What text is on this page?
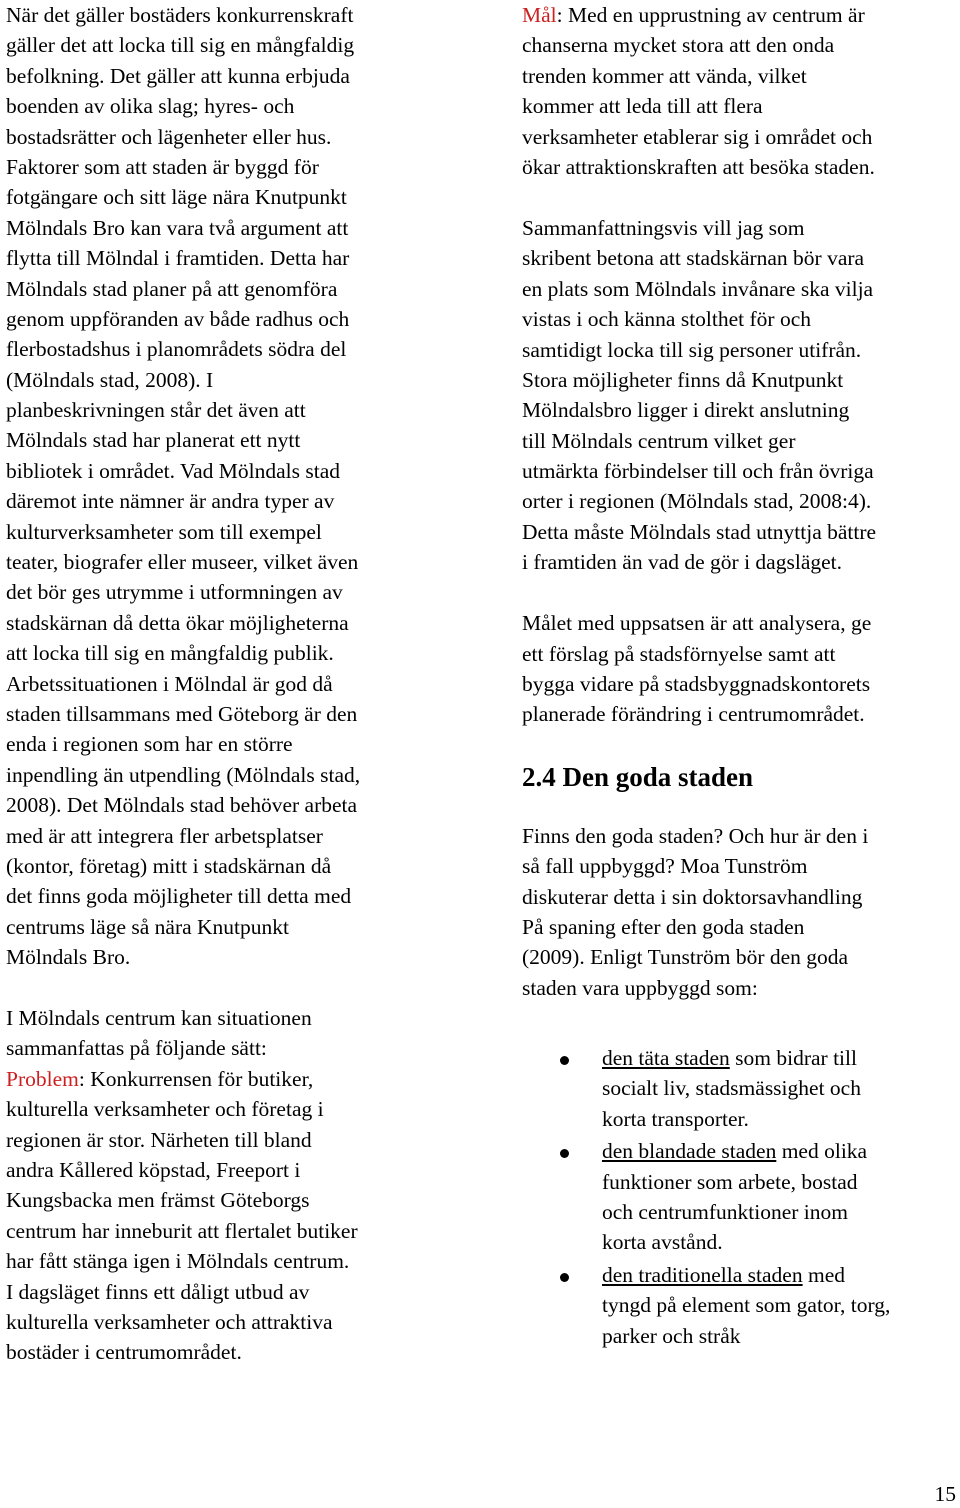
När det gäller bostäders konkurrenskraft
gäller det att locka till sig en mångfaldig
befolkning. Det gäller att kunna erbjuda
boenden av olika slag; hyres- och
bostadsrätter och lägenheter eller hus.
Faktorer som att staden är byggd för
fotgängare och sitt läge nära Knutpunkt
Mölndals Bro kan vara två argument att
flytta till Mölndal i framtiden. Detta har
Mölndals stad planer på att genomföra
genom uppföranden av både radhus och
flerbostadshus i planområdets södra del
(Mölndals stad, 2008). I
planbeskrivningen står det även att
Mölndals stad har planerat ett nytt
bibliotek i området. Vad Mölndals stad
däremot inte nämner är andra typer av
kulturverksamheter som till exempel
teater, biografer eller museer, vilket även
det bör ges utrymme i utformningen av
stadskärnan då detta ökar möjligheterna
att locka till sig en mångfaldig publik.
Arbetssituationen i Mölndal är god då
staden tillsammans med Göteborg är den
enda i regionen som har en större
inpendling än utpendling (Mölndals stad,
2008). Det Mölndals stad behöver arbeta
med är att integrera fler arbetsplatser
(kontor, företag) mitt i stadskärnan då
det finns goda möjligheter till detta med
centrums läge så nära Knutpunkt
Mölndals Bro.
I Mölndals centrum kan situationen
sammanfattas på följande sätt:
Problem: Konkurrensen för butiker,
kulturella verksamheter och företag i
regionen är stor. Närheten till bland
andra Kållered köpstad, Freeport i
Kungsbacka men främst Göteborgs
centrum har inneburit att flertalet butiker
har fått stänga igen i Mölndals centrum.
I dagsläget finns ett dåligt utbud av
kulturella verksamheter och attraktiva
bostäder i centrumområdet.
Mål: Med en upprustning av centrum är
chanserna mycket stora att den onda
trenden kommer att vända, vilket
kommer att leda till att flera
verksamheter etablerar sig i området och
ökar attraktionskraften att besöka staden.
Sammanfattningsvis vill jag som
skribent betona att stadskärnan bör vara
en plats som Mölndals invånare ska vilja
vistas i och känna stolthet för och
samtidigt locka till sig personer utifrån.
Stora möjligheter finns då Knutpunkt
Mölndalsbro ligger i direkt anslutning
till Mölndals centrum vilket ger
utmärkta förbindelser till och från övriga
orter i regionen (Mölndals stad, 2008:4).
Detta måste Mölndals stad utnyttja bättre
i framtiden än vad de gör i dagsläget.
Målet med uppsatsen är att analysera, ge
ett förslag på stadsförnyelse samt att
bygga vidare på stadsbyggnadskontorets
planerade förändring i centrumområdet.
2.4 Den goda staden
Finns den goda staden? Och hur är den i
så fall uppbyggd? Moa Tunström
diskuterar detta i sin doktorsavhandling
På spaning efter den goda staden
(2009). Enligt Tunström bör den goda
staden vara uppbyggd som:
den täta staden som bidrar till
socialt liv, stadsmässighet och
korta transporter.
den blandade staden med olika
funktioner som arbete, bostad
och centrumfunktioner inom
korta avstånd.
den traditionella staden med
tyngd på element som gator, torg,
parker och stråk
15
